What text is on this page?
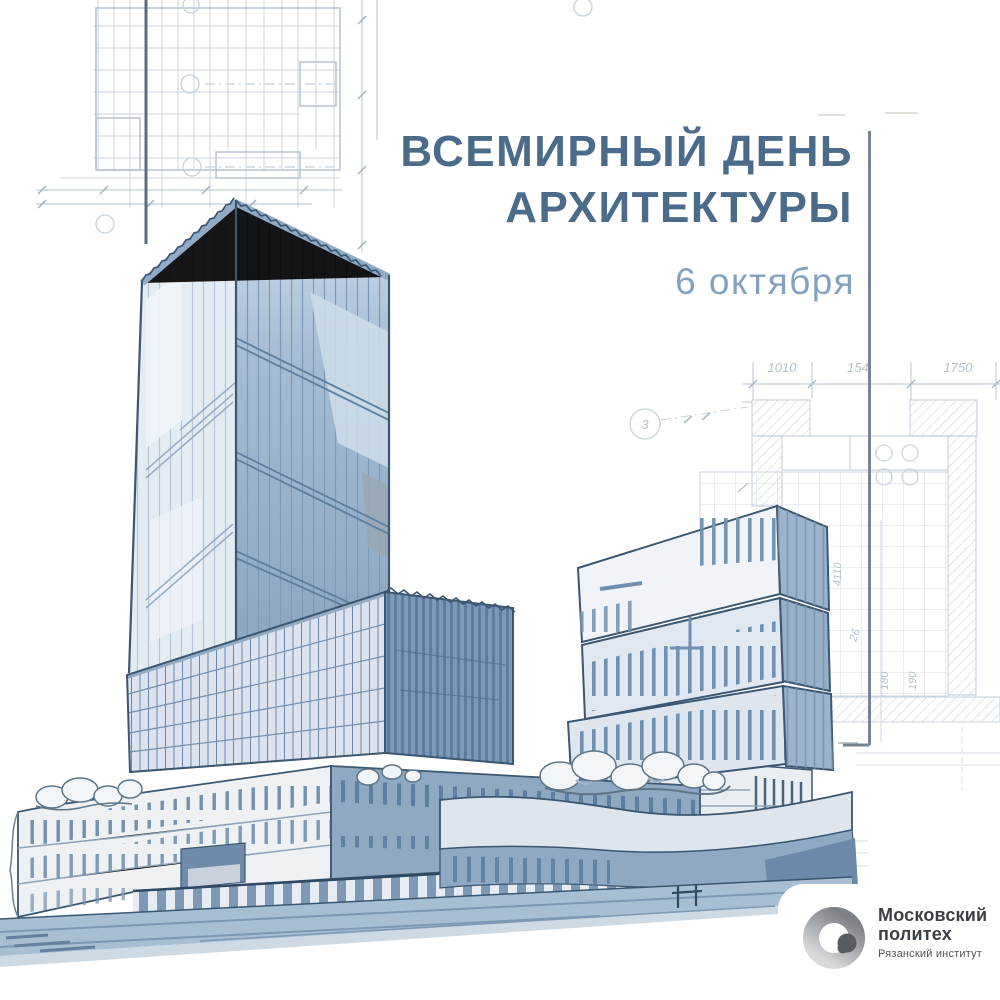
1010	154	1750
3
4110
26
180 190
ВСЕМИРНЫЙ ДЕНЬ
АРХИТЕКТУРЫ
6 октября
Московский
политех
Рязанский институт
